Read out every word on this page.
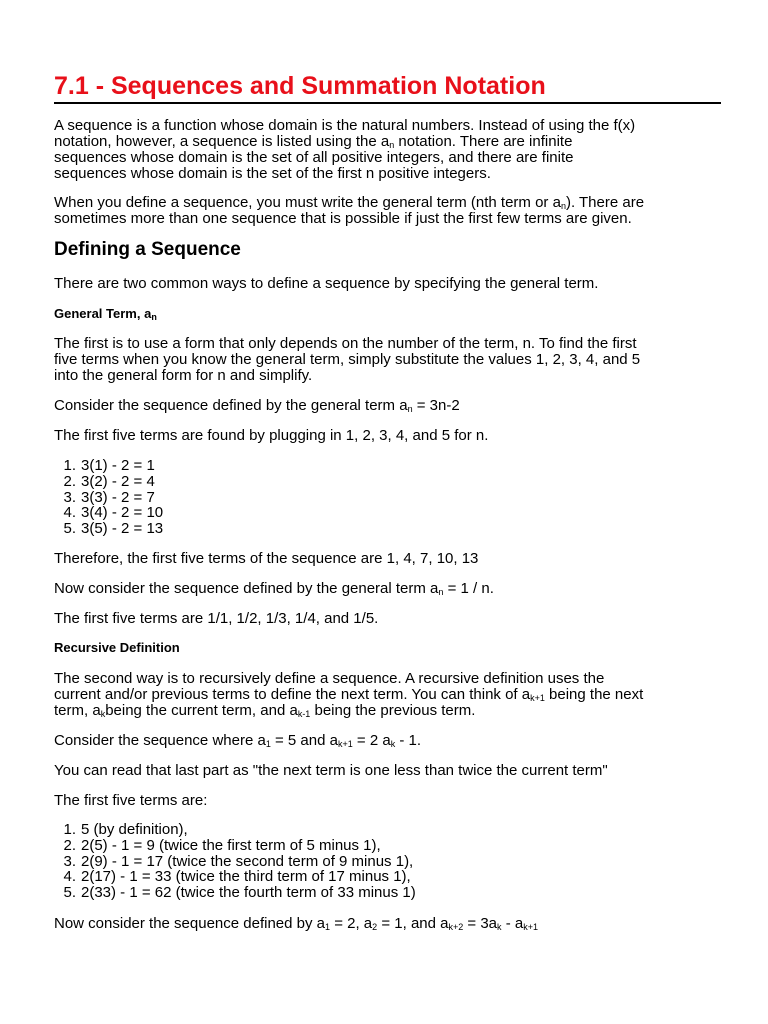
7.1 - Sequences and Summation Notation
A sequence is a function whose domain is the natural numbers. Instead of using the f(x)
notation, however, a sequence is listed using the $a_n$ notation. There are infinite
sequences whose domain is the set of all positive integers, and there are finite
sequences whose domain is the set of the first n positive integers.
When you define a sequence, you must write the general term (nth term or $a_n$). There are
sometimes more than one sequence that is possible if just the first few terms are given.
Defining a Sequence
There are two common ways to define a sequence by specifying the general term.
General Term, $a_n$
The first is to use a form that only depends on the number of the term, n. To find the first
five terms when you know the general term, simply substitute the values 1, 2, 3, 4, and 5
into the general form for n and simplify.
Consider the sequence defined by the general term $a_n = 3n-2$
The first five terms are found by plugging in 1, 2, 3, 4, and 5 for n.
1. 3(1) - 2 = 1
2. 3(2) - 2 = 4
3. 3(3) - 2 = 7
4. 3(4) - 2 = 10
5. 3(5) - 2 = 13
Therefore, the first five terms of the sequence are 1, 4, 7, 10, 13
Now consider the sequence defined by the general term $a_n = 1 / n$.
The first five terms are 1/1, 1/2, 1/3, 1/4, and 1/5.
Recursive Definition
The second way is to recursively define a sequence. A recursive definition uses the
current and/or previous terms to define the next term. You can think of $a_{k+1}$ being the next
term, $a_kbeing$ the current term, and $a_{k-1}$ being the previous term.
Consider the sequence where $a_1 = 5$ and $a_{k+1} = 2$ $a_k - 1$.
You can read that last part as "the next term is one less than twice the current term"
The first five terms are:
1. 5 (by definition),
2. 2(5) - 1 = 9 (twice the first term of 5 minus 1),
3. 2(9) - 1 = 17 (twice the second term of 9 minus 1),
4. 2(17) - 1 = 33 (twice the third term of 17 minus 1),
5. 2(33) - 1 = 62 (twice the fourth term of 33 minus 1)
Now consider the sequence defined by $a_1 = 2$, $a_2 = 1$, and $a_{k+2} = 3a_k - a_{k+1}$
